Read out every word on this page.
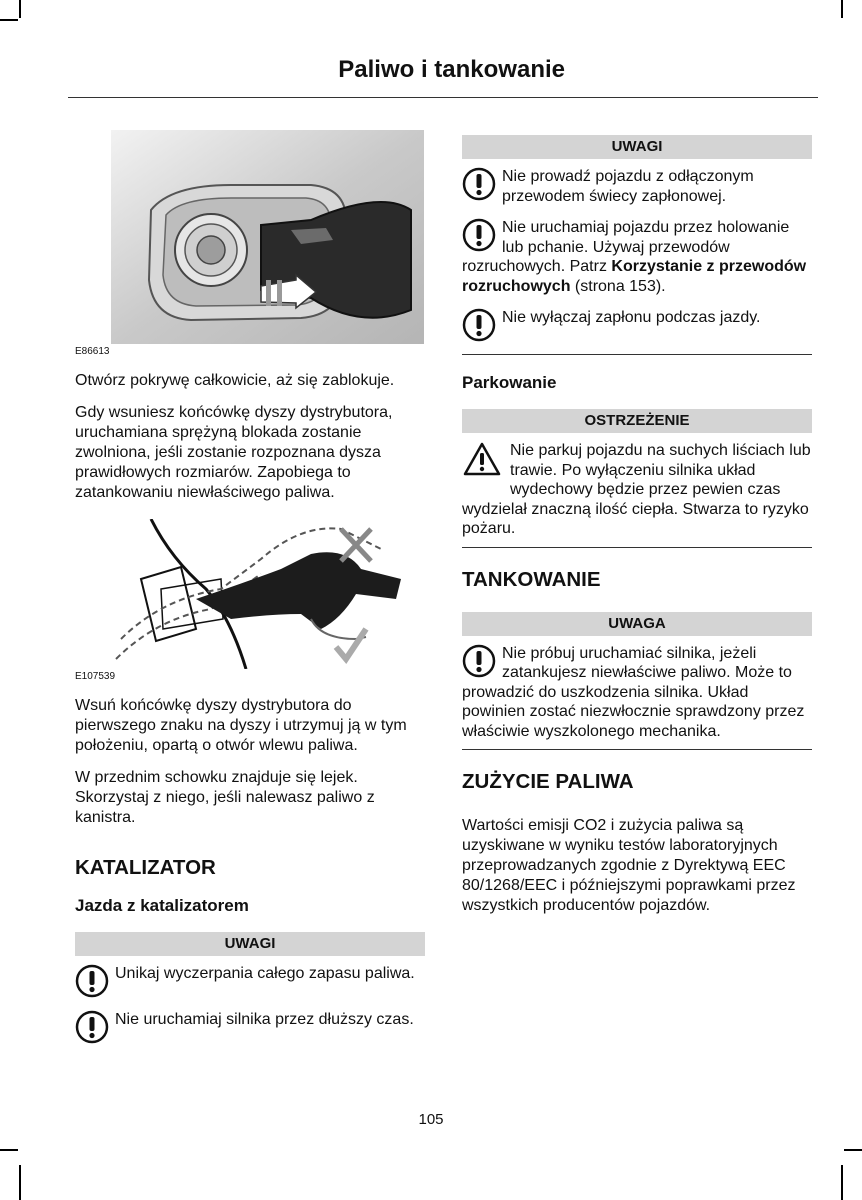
Paliwo i tankowanie
E86613

Otwórz pokrywę całkowicie, aż się zablokuje.

Gdy wsuniesz końcówkę dyszy dystrybutora, uruchamiana sprężyną blokada zostanie zwolniona, jeśli zostanie rozpoznana dysza prawidłowych rozmiarów. Zapobiega to zatankowaniu niewłaściwego paliwa.

E107539

Wsuń końcówkę dyszy dystrybutora do pierwszego znaku na dyszy i utrzymuj ją w tym położeniu, opartą o otwór wlewu paliwa.

W przednim schowku znajduje się lejek. Skorzystaj z niego, jeśli nalewasz paliwo z kanistra.

KATALIZATOR
Jazda z katalizatorem
UWAGI
Unikaj wyczerpania całego zapasu paliwa.
Nie uruchamiaj silnika przez dłuższy czas.
UWAGI
Nie prowadź pojazdu z odłączonym przewodem świecy zapłonowej.
Nie uruchamiaj pojazdu przez holowanie lub pchanie. Używaj przewodów rozruchowych. Patrz Korzystanie z przewodów rozruchowych (strona 153).
Nie wyłączaj zapłonu podczas jazdy.
Parkowanie
OSTRZEŻENIE
Nie parkuj pojazdu na suchych liściach lub trawie. Po wyłączeniu silnika układ wydechowy będzie przez pewien czas wydzielał znaczną ilość ciepła. Stwarza to ryzyko pożaru.
TANKOWANIE
UWAGA
Nie próbuj uruchamiać silnika, jeżeli zatankujesz niewłaściwe paliwo. Może to prowadzić do uszkodzenia silnika. Układ powinien zostać niezwłocznie sprawdzony przez właściwie wyszkolonego mechanika.
ZUŻYCIE PALIWA

Wartości emisji CO2 i zużycia paliwa są uzyskiwane w wyniku testów laboratoryjnych przeprowadzanych zgodnie z Dyrektywą EEC 80/1268/EEC i późniejszymi poprawkami przez wszystkich producentów pojazdów.

105
